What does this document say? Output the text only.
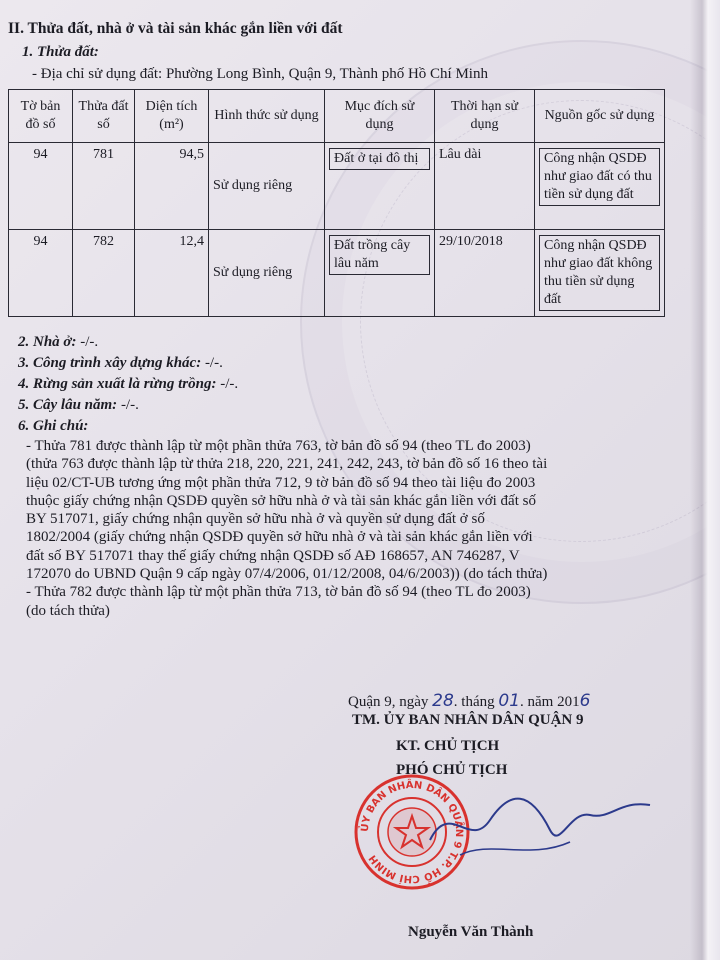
II. Thửa đất, nhà ở và tài sản khác gắn liền với đất
1. Thửa đất:
- Địa chỉ sử dụng đất: Phường Long Bình, Quận 9, Thành phố Hồ Chí Minh
Tờ bản đồ số	Thửa đất số	Diện tích (m²)	Hình thức sử dụng	Mục đích sử dụng	Thời hạn sử dụng	Nguồn gốc sử dụng
94	781	94,5	Sử dụng riêng	Đất ở tại đô thị	Lâu dài	Công nhận QSDĐ như giao đất có thu tiền sử dụng đất

94	782	12,4	Sử dụng riêng	Đất trồng cây lâu năm	29/10/2018	Công nhận QSDĐ như giao đất không thu tiền sử dụng đất
2. Nhà ở: -/-.
3. Công trình xây dựng khác: -/-.
4. Rừng sản xuất là rừng trồng: -/-.
5. Cây lâu năm: -/-.
6. Ghi chú:
- Thửa 781 được thành lập từ một phần thửa 763, tờ bản đồ số 94 (theo TL đo 2003)
(thửa 763 được thành lập từ thửa 218, 220, 221, 241, 242, 243, tờ bản đồ số 16 theo tài
liệu 02/CT-UB tương ứng một phần thửa 712, 9 tờ bản đồ số 94 theo tài liệu đo 2003
thuộc giấy chứng nhận QSDĐ quyền sở hữu nhà ở và tài sản khác gắn liền với đất số
BY 517071, giấy chứng nhận quyền sở hữu nhà ở và quyền sử dụng đất ở số
1802/2004 (giấy chứng nhận QSDĐ quyền sở hữu nhà ở và tài sản khác gắn liền với
đất số BY 517071 thay thế giấy chứng nhận QSDĐ số AĐ 168657, AN 746287, V
172070 do UBND Quận 9 cấp ngày 07/4/2006, 01/12/2008, 04/6/2003)) (do tách thửa)
- Thửa 782 được thành lập từ một phần thửa 713, tờ bản đồ số 94 (theo TL đo 2003)
(do tách thửa)
Quận 9, ngày 28. tháng 01. năm 2016
TM. ỦY BAN NHÂN DÂN QUẬN 9
KT. CHỦ TỊCH
PHÓ CHỦ TỊCH
ỦY BAN NHÂN DÂN QUẬN 9 T.P. HỒ CHÍ MINH
Nguyễn Văn Thành
